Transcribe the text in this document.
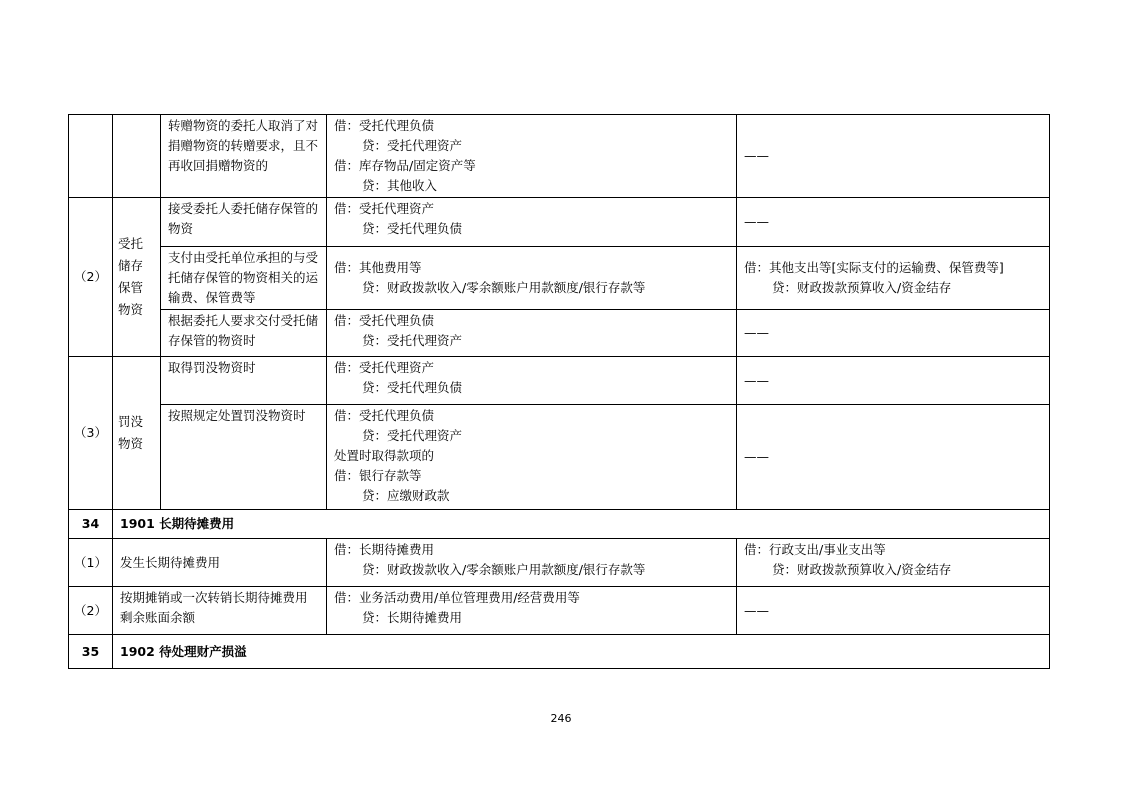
		转赠物资的委托人取消了对捐赠物资的转赠要求，且不再收回捐赠物资的	借：受托代理负债
贷：受托代理资产
借：库存物品/固定资产等
贷：其他收入	——
（2）	受托储存保管物资	接受委托人委托储存保管的物资	借：受托代理资产
贷：受托代理负债	——
		支付由受托单位承担的与受托储存保管的物资相关的运输费、保管费等	借：其他费用等
贷：财政拨款收入/零余额账户用款额度/银行存款等	借：其他支出等[实际支付的运输费、保管费等]
贷：财政拨款预算收入/资金结存

		根据委托人要求交付受托储存保管的物资时	借：受托代理负债
贷：受托代理资产	——
（3）	罚没物资	取得罚没物资时	借：受托代理资产
贷：受托代理负债	——
		按照规定处置罚没物资时	借：受托代理负债
贷：受托代理资产
处置时取得款项的
借：银行存款等
贷：应缴财政款	——
34	1901 长期待摊费用			
（1）	发生长期待摊费用		借：长期待摊费用
贷：财政拨款收入/零余额账户用款额度/银行存款等	借：行政支出/事业支出等
贷：财政拨款预算收入/资金结存

（2）	按期摊销或一次转销长期待摊费用剩余账面余额		借：业务活动费用/单位管理费用/经营费用等
贷：长期待摊费用	——
35	1902 待处理财产损溢			
246
